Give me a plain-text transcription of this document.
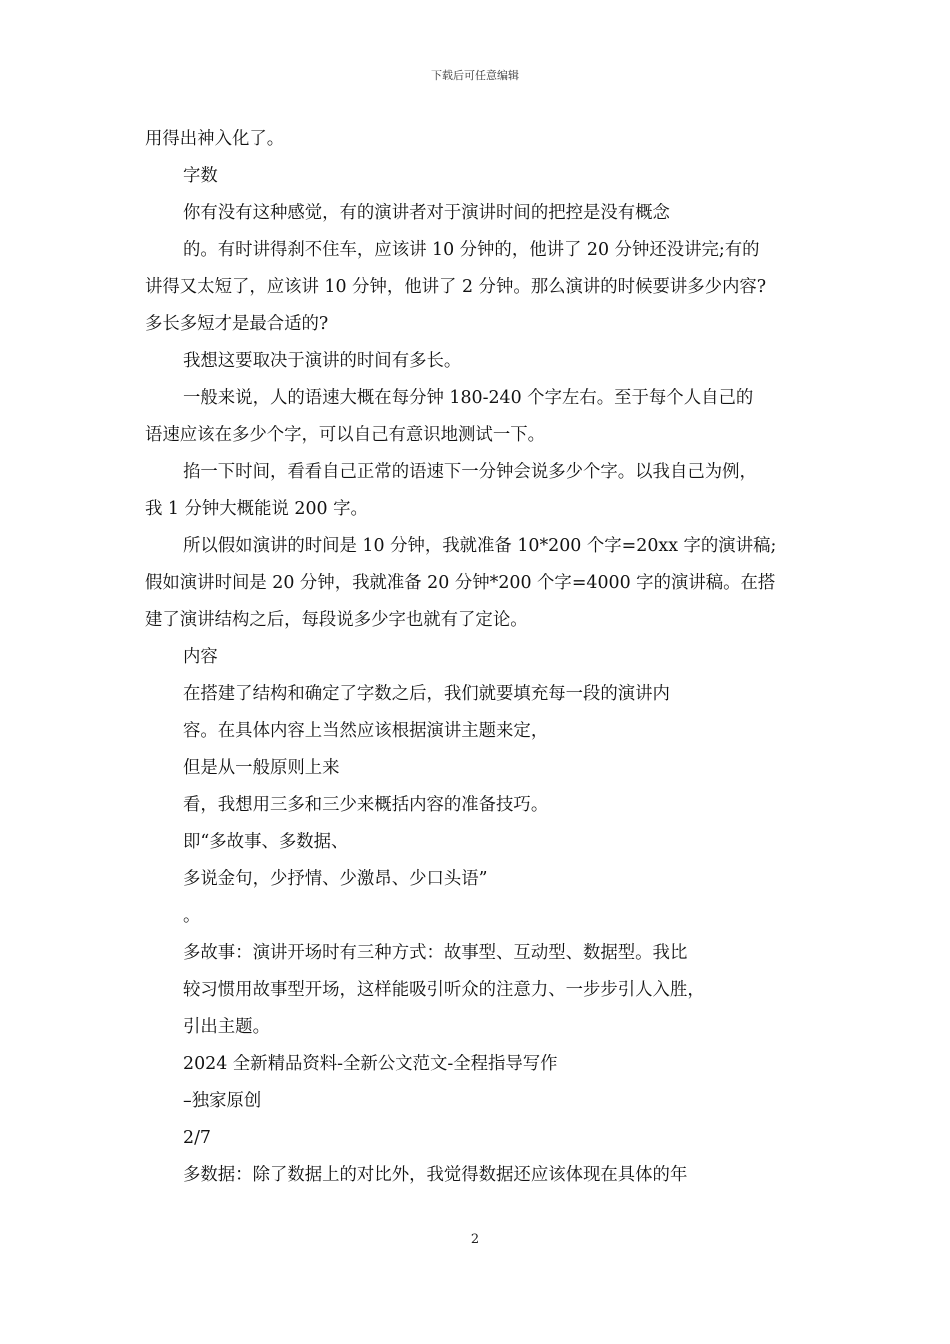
下载后可任意编辑
用得出神入化了。
字数
你有没有这种感觉，有的演讲者对于演讲时间的把控是没有概念
的。有时讲得刹不住车，应该讲 10 分钟的，他讲了 20 分钟还没讲完;有的
讲得又太短了，应该讲 10 分钟，他讲了 2 分钟。那么演讲的时候要讲多少内容?
多长多短才是最合适的?
我想这要取决于演讲的时间有多长。
一般来说，人的语速大概在每分钟 180-240 个字左右。至于每个人自己的
语速应该在多少个字，可以自己有意识地测试一下。
掐一下时间，看看自己正常的语速下一分钟会说多少个字。以我自己为例，
我 1 分钟大概能说 200 字。
所以假如演讲的时间是 10 分钟，我就准备 10*200 个字=20xx 字的演讲稿;
假如演讲时间是 20 分钟，我就准备 20 分钟*200 个字=4000 字的演讲稿。在搭
建了演讲结构之后，每段说多少字也就有了定论。
内容
在搭建了结构和确定了字数之后，我们就要填充每一段的演讲内
容。在具体内容上当然应该根据演讲主题来定，
但是从一般原则上来
看，我想用三多和三少来概括内容的准备技巧。
即“多故事、多数据、
多说金句，少抒情、少激昂、少口头语”
。
多故事：演讲开场时有三种方式：故事型、互动型、数据型。我比
较习惯用故事型开场，这样能吸引听众的注意力、一步步引人入胜，
引出主题。
2024 全新精品资料-全新公文范文-全程指导写作
–独家原创
2/7
多数据：除了数据上的对比外，我觉得数据还应该体现在具体的年
2
